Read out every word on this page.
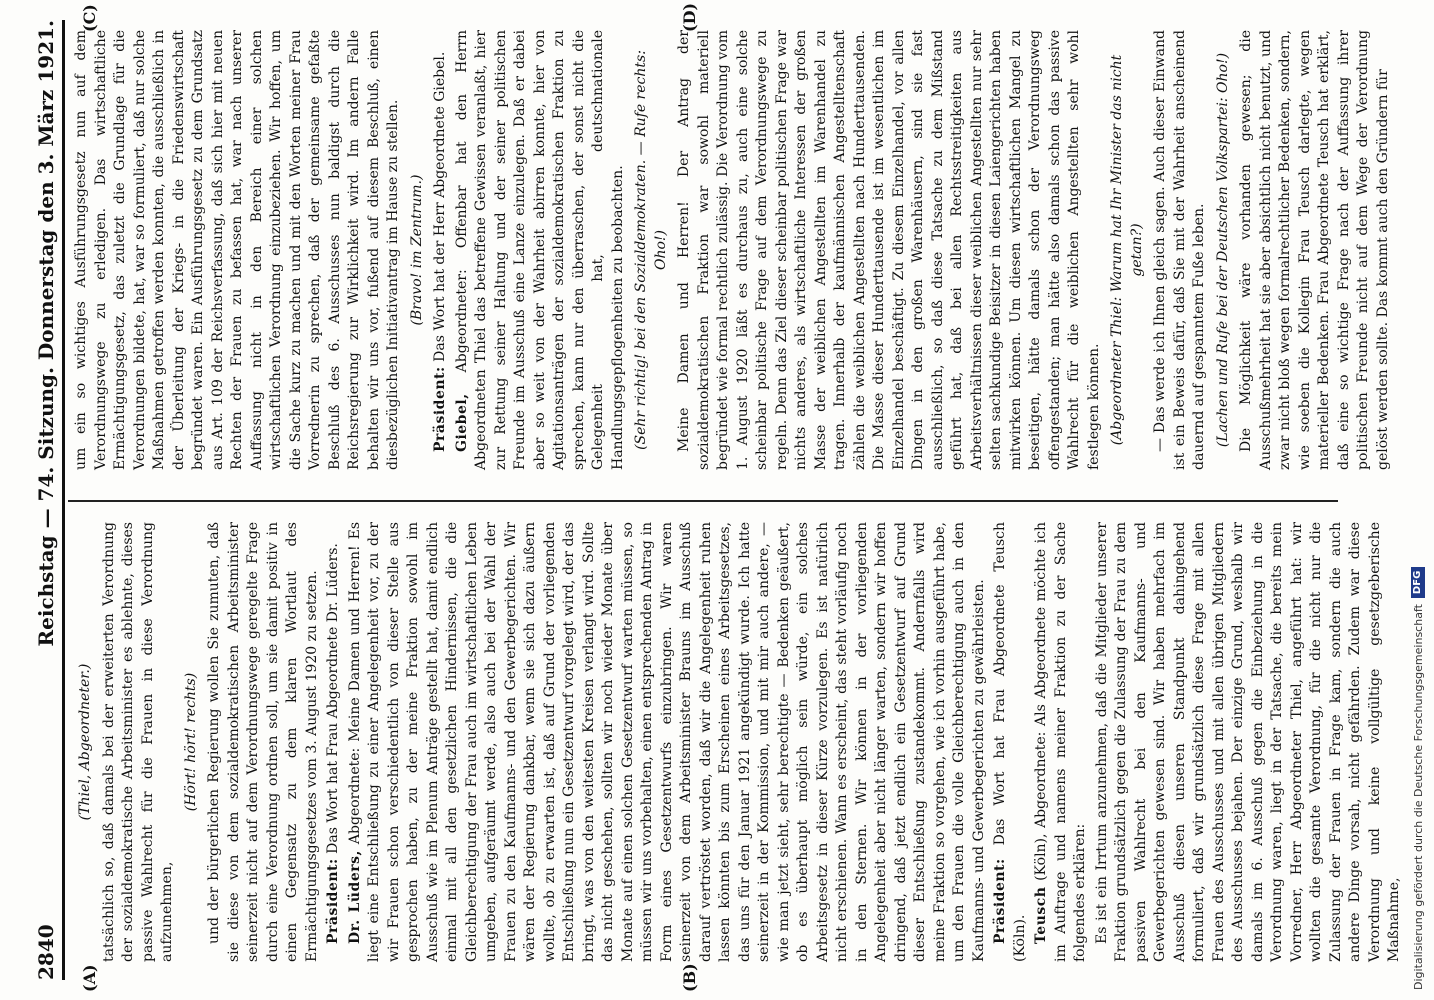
2840
Reichstag — 74. Sitzung. Donnerstag den 3. März 1921.
(A)	(B)
(C)	(D)

(Thiel, Abgeordneter.) tatsächlich so, daß damals bei der erweiterten Verordnung der sozialdemokratische Arbeitsminister es ablehnte, dieses passive Wahlrecht für die Frauen in diese Verordnung aufzunehmen,

(Hört! hört! rechts) und der bürgerlichen Regierung wollen Sie zumuten, daß sie diese von dem sozialdemokratischen Arbeitsminister seinerzeit nicht auf dem Verordnungswege geregelte Frage durch eine Verordnung ordnen soll, um sie damit positiv in einen Gegensatz zu dem klaren Wortlaut des Ermächtigungsgesetzes vom 3. August 1920 zu setzen. Präsident: Das Wort hat Frau Abgeordnete Dr. Lüders.

Dr. Lüders, Abgeordnete: Meine Damen und Herren! Es liegt eine Entschließung zu einer Angelegenheit vor, zu der wir Frauen schon verschiedentlich von dieser Stelle aus gesprochen haben, zu der meine Fraktion sowohl im Ausschuß wie im Plenum Anträge gestellt hat, damit endlich einmal mit all den gesetzlichen Hindernissen, die die Gleichberechtigung der Frau auch im wirtschaftlichen Leben umgeben, aufgeräumt werde, also auch bei der Wahl der Frauen zu den Kaufmanns- und den Gewerbegerichten. Wir wären der Regierung dankbar, wenn sie sich dazu äußern wollte, ob zu erwarten ist, daß auf Grund der vorliegenden Entschließung nun ein Gesetzentwurf vorgelegt wird, der das bringt, was von den weitesten Kreisen verlangt wird. Sollte das nicht geschehen, sollten wir noch wieder Monate über Monate auf einen solchen Gesetzentwurf warten müssen, so müssen wir uns vorbehalten, einen entsprechenden Antrag in Form eines Gesetzentwurfs einzubringen. Wir waren seinerzeit von dem Arbeitsminister Brauns im Ausschuß darauf vertröstet worden, daß wir die Angelegenheit ruhen lassen könnten bis zum Erscheinen eines Arbeitsgesetzes, das uns für den Januar 1921 angekündigt wurde. Ich hatte seinerzeit in der Kommission, und mit mir auch andere, — wie man jetzt sieht, sehr berechtigte — Bedenken geäußert, ob es überhaupt möglich sein würde, ein solches Arbeitsgesetz in dieser Kürze vorzulegen. Es ist natürlich nicht erschienen. Wann es erscheint, das steht vorläufig noch in den Sternen. Wir können in der vorliegenden Angelegenheit aber nicht länger warten, sondern wir hoffen dringend, daß jetzt endlich ein Gesetzentwurf auf Grund dieser Entschließung zustandekommt. Andernfalls wird meine Fraktion so vorgehen, wie ich vorhin ausgeführt habe, um den Frauen die volle Gleichberechtigung auch in den Kaufmanns- und Gewerbegerichten zu gewährleisten. Präsident: Das Wort hat Frau Abgeordnete Teusch (Köln). Teusch (Köln), Abgeordnete: Als Abgeordnete möchte ich im Auftrage und namens meiner Fraktion zu der Sache folgendes erklären: Es ist ein Irrtum anzunehmen, daß die Mitglieder unserer Fraktion grundsätzlich gegen die Zulassung der Frau zu dem passiven Wahlrecht bei den Kaufmanns- und Gewerbegerichten gewesen sind. Wir haben mehrfach im Ausschuß diesen unseren Standpunkt dahingehend formuliert, daß wir grundsätzlich diese Frage mit allen Frauen des Ausschusses und mit allen übrigen Mitgliedern des Ausschusses bejahen. Der einzige Grund, weshalb wir damals im 6. Ausschuß gegen die Einbeziehung in die Verordnung waren, liegt in der Tatsache, die bereits mein Vorredner, Herr Abgeordneter Thiel, angeführt hat: wir wollten die gesamte Verordnung, für die nicht nur die Zulassung der Frauen in Frage kam, sondern die auch andere Dinge vorsah, nicht gefährden. Zudem war diese Verordnung und keine vollgültige gesetzgeberische Maßnahme,

um ein so wichtiges Ausführungsgesetz nun auf dem Verordnungswege zu erledigen. Das wirtschaftliche Ermächtigungsgesetz, das zuletzt die Grundlage für die Verordnungen bildete, hat, war so formuliert, daß nur solche Maßnahmen getroffen werden konnten, die ausschließlich in der Überleitung der Kriegs- in die Friedenswirtschaft begründet waren. Ein Ausführungsgesetz zu dem Grundsatz aus Art. 109 der Reichsverfassung, daß sich hier mit neuen Rechten der Frauen zu befassen hat, war nach unserer Auffassung nicht in den Bereich einer solchen wirtschaftlichen Verordnung einzubeziehen. Wir hoffen, um die Sache kurz zu machen und mit den Worten meiner Frau Vorrednerin zu sprechen, daß der gemeinsame gefaßte Beschluß des 6. Ausschusses nun baldigst durch die Reichsregierung zur Wirklichkeit wird. Im andern Falle behalten wir uns vor, fußend auf diesem Beschluß, einen diesbezüglichen Initiativantrag im Hause zu stellen. (Bravo! im Zentrum.)

Präsident: Das Wort hat der Herr Abgeordnete Giebel.

Giebel, Abgeordneter: Offenbar hat den Herrn Abgeordneten Thiel das betreffene Gewissen veranlaßt, hier zur Rettung seiner Haltung und der seiner politischen Freunde im Ausschuß eine Lanze einzulegen. Daß er dabei aber so weit von der Wahrheit abirren konnte, hier von Agitationsanträgen der sozialdemokratischen Fraktion zu sprechen, kann nur den überraschen, der sonst nicht die Gelegenheit hat, deutschnationale Handlungsgepflogenheiten zu beobachten. (Sehr richtig! bei den Sozialdemokraten. — Rufe rechts: Oho!) Meine Damen und Herren! Der Antrag der sozialdemokratischen Fraktion war sowohl materiell begründet wie formal rechtlich zulässig. Die Verordnung vom 1. August 1920 läßt es durchaus zu, auch eine solche scheinbar politische Frage auf dem Verordnungswege zu regeln. Denn das Ziel dieser scheinbar politischen Frage war nichts anderes, als wirtschaftliche Interessen der großen Masse der weiblichen Angestellten im Warenhandel zu tragen. Innerhalb der kaufmännischen Angestelltenschaft zählen die weiblichen Angestellten nach Hunderttausenden. Die Masse dieser Hunderttausende ist im wesentlichen im Einzelhandel beschäftigt. Zu diesem Einzelhandel, vor allen Dingen in den großen Warenhäusern, sind sie fast ausschließlich, so daß diese Tatsache zu dem Mißstand geführt hat, daß bei allen Rechtsstreitigkeiten aus Arbeitsverhältnissen dieser weiblichen Angestellten nur sehr selten sachkundige Beisitzer in diesen Laiengerichten haben mitwirken können. Um diesen wirtschaftlichen Mangel zu beseitigen, hätte damals schon der Verordnungsweg offengestanden; man hätte also damals schon das passive Wahlrecht für die weiblichen Angestellten sehr wohl festlegen können. (Abgeordneter Thiel: Warum hat Ihr Minister das nicht getan?) — Das werde ich Ihnen gleich sagen. Auch dieser Einwand ist ein Beweis dafür, daß Sie mit der Wahrheit anscheinend dauernd auf gespanntem Fuße leben. (Lachen und Rufe bei der Deutschen Volkspartei: Oho!) Die Möglichkeit wäre vorhanden gewesen; die Ausschußmehrheit hat sie aber absichtlich nicht benutzt, und zwar nicht bloß wegen formalrechtlicher Bedenken, sondern, wie soeben die Kollegin Frau Teusch darlegte, wegen materieller Bedenken. Frau Abgeordnete Teusch hat erklärt, daß eine so wichtige Frage nach der Auffassung ihrer politischen Freunde nicht auf dem Wege der Verordnung gelöst werden sollte. Das kommt auch den Gründern für

Digitalisierung gefördert durch die Deutsche Forschungsgemeinschaft
DFG
